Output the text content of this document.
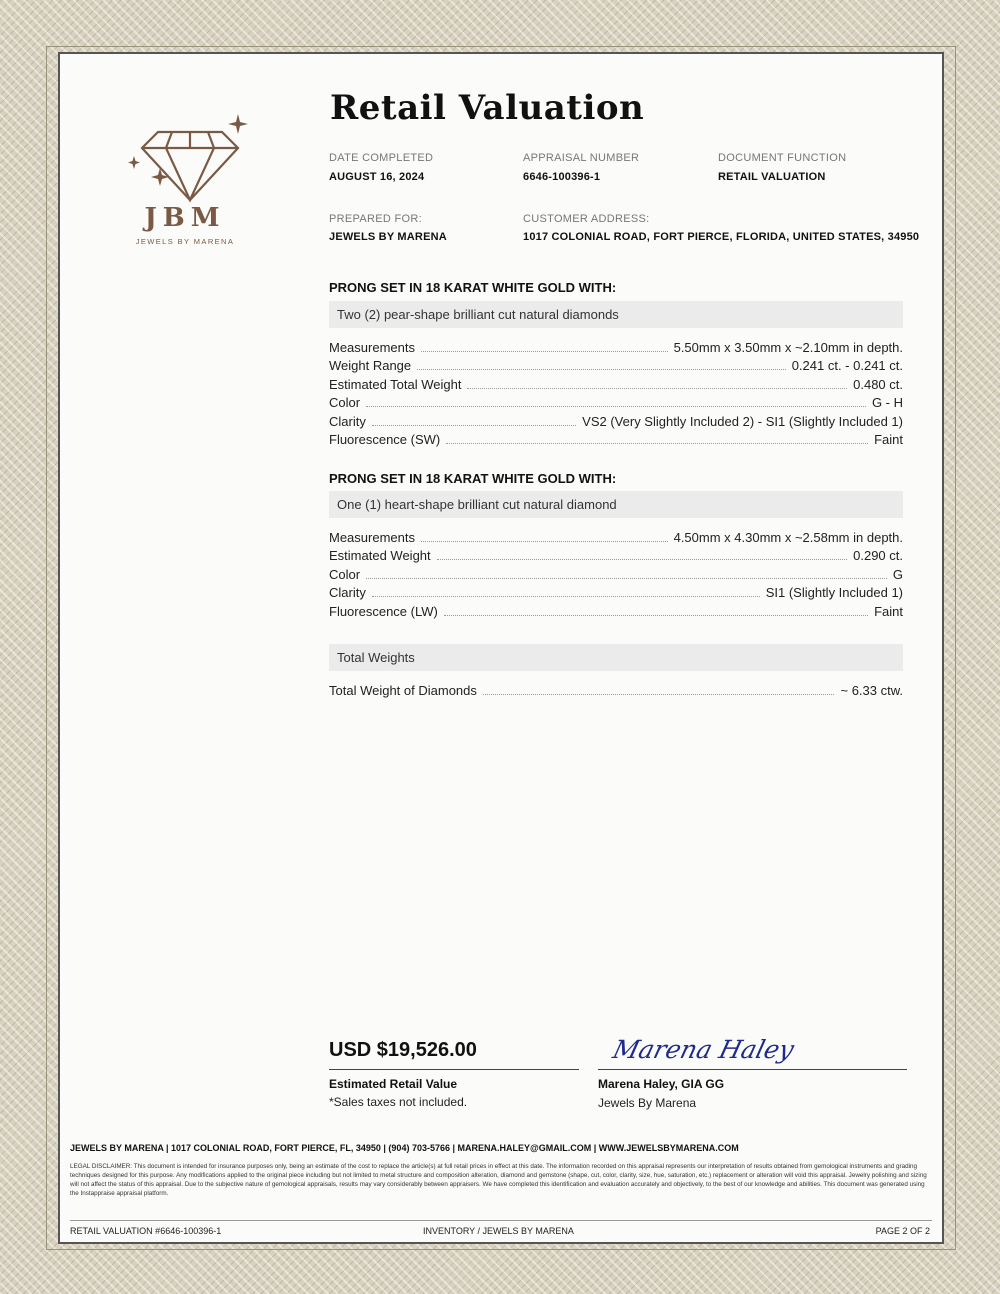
JBM
JEWELS BY MARENA
Retail Valuation
DATE COMPLETED
AUGUST 16, 2024
APPRAISAL NUMBER
6646-100396-1
DOCUMENT FUNCTION
RETAIL VALUATION
PREPARED FOR:
JEWELS BY MARENA
CUSTOMER ADDRESS:
1017 COLONIAL ROAD, FORT PIERCE, FLORIDA, UNITED STATES, 34950
PRONG SET IN 18 KARAT WHITE GOLD WITH:
Two (2) pear-shape brilliant cut natural diamonds
Measurements	5.50mm x 3.50mm x ~2.10mm in depth.
Weight Range	0.241 ct. - 0.241 ct.
Estimated Total Weight	0.480 ct.
Color	G - H
Clarity	VS2 (Very Slightly Included 2) - SI1 (Slightly Included 1)
Fluorescence (SW)	Faint
PRONG SET IN 18 KARAT WHITE GOLD WITH:
One (1) heart-shape brilliant cut natural diamond
Measurements	4.50mm x 4.30mm x ~2.58mm in depth.
Estimated Weight	0.290 ct.
Color	G
Clarity	SI1 (Slightly Included 1)
Fluorescence (LW)	Faint
Total Weights
Total Weight of Diamonds	~ 6.33 ctw.
USD $19,526.00
Estimated Retail Value
*Sales taxes not included.
Marena Haley
Marena Haley, GIA GG
Jewels By Marena
JEWELS BY MARENA | 1017 COLONIAL ROAD, FORT PIERCE, FL, 34950 | (904) 703-5766 | MARENA.HALEY@GMAIL.COM | WWW.JEWELSBYMARENA.COM
LEGAL DISCLAIMER: This document is intended for insurance purposes only, being an estimate of the cost to replace the article(s) at full retail prices in effect at this date. The information recorded on this appraisal represents our interpretation of results obtained from gemological instruments and grading techniques designed for this purpose. Any modifications applied to the original piece including but not limited to metal structure and composition alteration, diamond and gemstone (shape, cut, color, clarity, size, hue, saturation, etc.) replacement or alteration will void this appraisal. Jewelry polishing and sizing will not affect the status of this appraisal. Due to the subjective nature of gemological appraisals, results may vary considerably between appraisers. We have completed this identification and evaluation accurately and objectively, to the best of our knowledge and abilities. This document was generated using the Instappraise appraisal platform.
RETAIL VALUATION #6646-100396-1	INVENTORY / JEWELS BY MARENA	PAGE 2 OF 2
